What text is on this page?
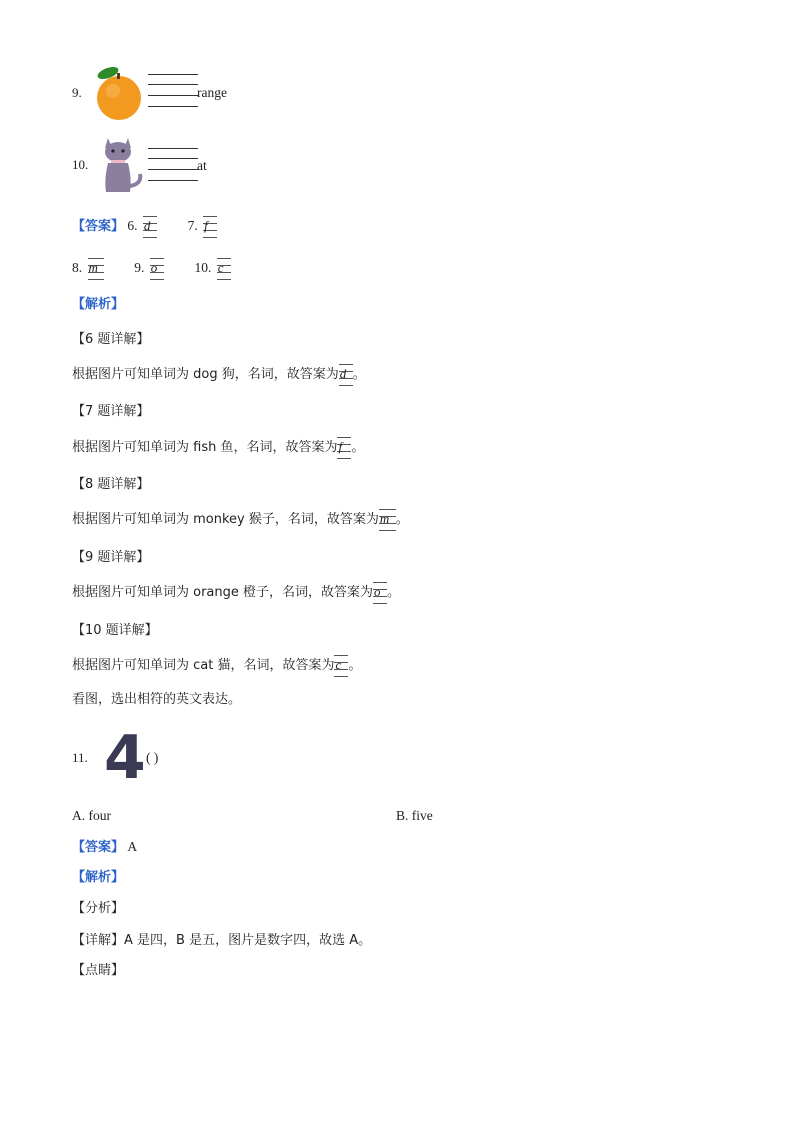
9.	range
10.	at
【答案】 6. d	7. f
8. m	9. o	10. c
【解析】
【6 题详解】
根据图片可知单词为 dog 狗，名词，故答案为 d 。
【7 题详解】
根据图片可知单词为 fish 鱼，名词，故答案为 f 。
【8 题详解】
根据图片可知单词为 monkey 猴子，名词，故答案为 m 。
【9 题详解】
根据图片可知单词为 orange 橙子，名词，故答案为 o 。
【10 题详解】
根据图片可知单词为 cat 猫，名词，故答案为 c 。
看图，选出相符的英文表达。
11. 4 ( )
A. four	B. five
【答案】 A
【解析】
【分析】
【详解】A 是四，B 是五，图片是数字四，故选 A。
【点睛】
